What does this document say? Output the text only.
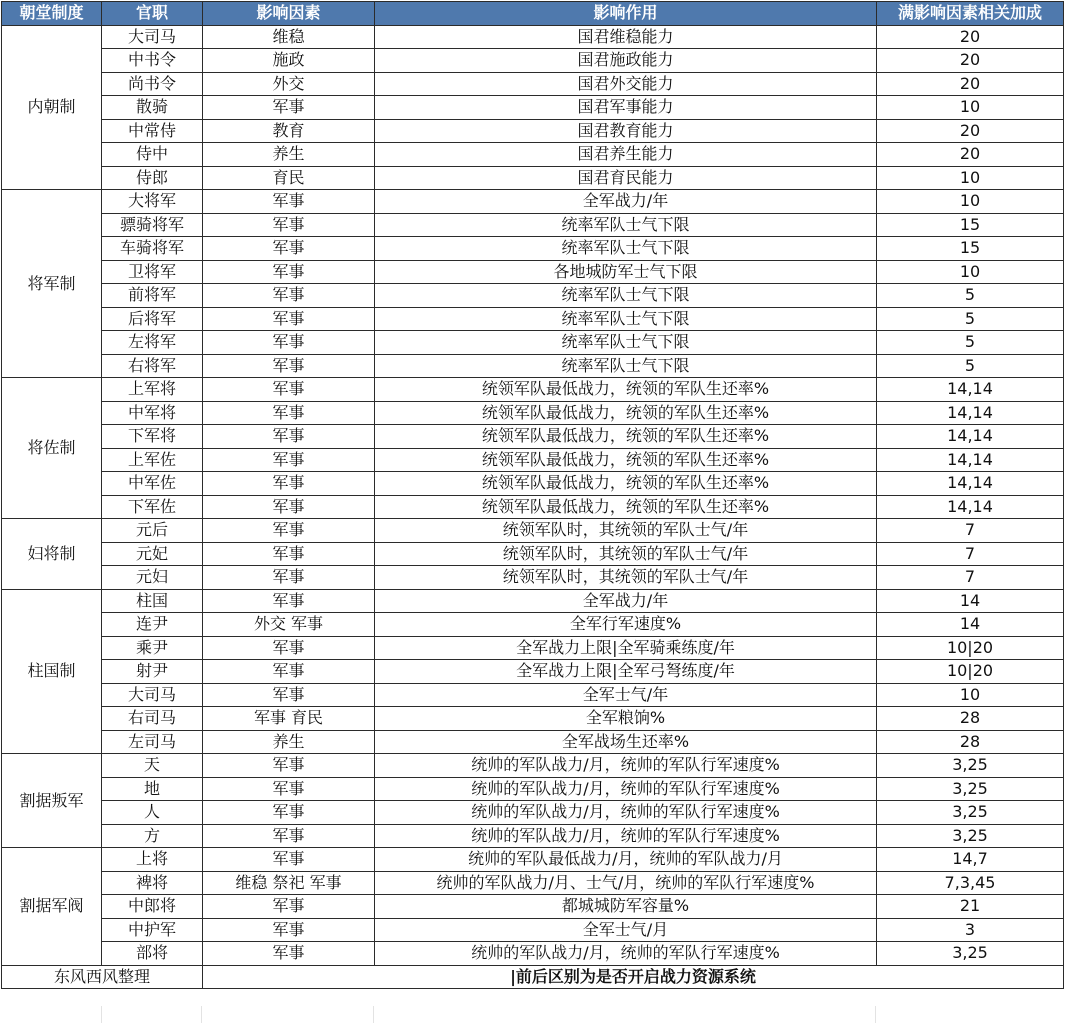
朝堂制度	官职	影响因素	影响作用	满影响因素相关加成
内朝制	大司马	维稳	国君维稳能力	20
	中书令	施政	国君施政能力	20
	尚书令	外交	国君外交能力	20
	散骑	军事	国君军事能力	10
	中常侍	教育	国君教育能力	20
	侍中	养生	国君养生能力	20
	侍郎	育民	国君育民能力	10
将军制	大将军	军事	全军战力/年	10
	骠骑将军	军事	统率军队士气下限	15
	车骑将军	军事	统率军队士气下限	15
	卫将军	军事	各地城防军士气下限	10
	前将军	军事	统率军队士气下限	5
	后将军	军事	统率军队士气下限	5
	左将军	军事	统率军队士气下限	5
	右将军	军事	统率军队士气下限	5
将佐制	上军将	军事	统领军队最低战力，统领的军队生还率%	14,14
	中军将	军事	统领军队最低战力，统领的军队生还率%	14,14
	下军将	军事	统领军队最低战力，统领的军队生还率%	14,14
	上军佐	军事	统领军队最低战力，统领的军队生还率%	14,14
	中军佐	军事	统领军队最低战力，统领的军队生还率%	14,14
	下军佐	军事	统领军队最低战力，统领的军队生还率%	14,14
妇将制	元后	军事	统领军队时，其统领的军队士气/年	7
	元妃	军事	统领军队时，其统领的军队士气/年	7
	元妇	军事	统领军队时，其统领的军队士气/年	7
柱国制	柱国	军事	全军战力/年	14
	连尹	外交 军事	全军行军速度%	14
	乘尹	军事	全军战力上限|全军骑乘练度/年	10|20
	射尹	军事	全军战力上限|全军弓弩练度/年	10|20
	大司马	军事	全军士气/年	10
	右司马	军事 育民	全军粮饷%	28
	左司马	养生	全军战场生还率%	28
割据叛军	天	军事	统帅的军队战力/月，统帅的军队行军速度%	3,25
	地	军事	统帅的军队战力/月，统帅的军队行军速度%	3,25
	人	军事	统帅的军队战力/月，统帅的军队行军速度%	3,25
	方	军事	统帅的军队战力/月，统帅的军队行军速度%	3,25
割据军阀	上将	军事	统帅的军队最低战力/月，统帅的军队战力/月	14,7
	裨将	维稳 祭祀 军事	统帅的军队战力/月、士气/月，统帅的军队行军速度%	7,3,45
	中郎将	军事	都城城防军容量%	21
	中护军	军事	全军士气/月	3
	部将	军事	统帅的军队战力/月，统帅的军队行军速度%	3,25
东风西风整理		|前后区别为是否开启战力资源系统		
